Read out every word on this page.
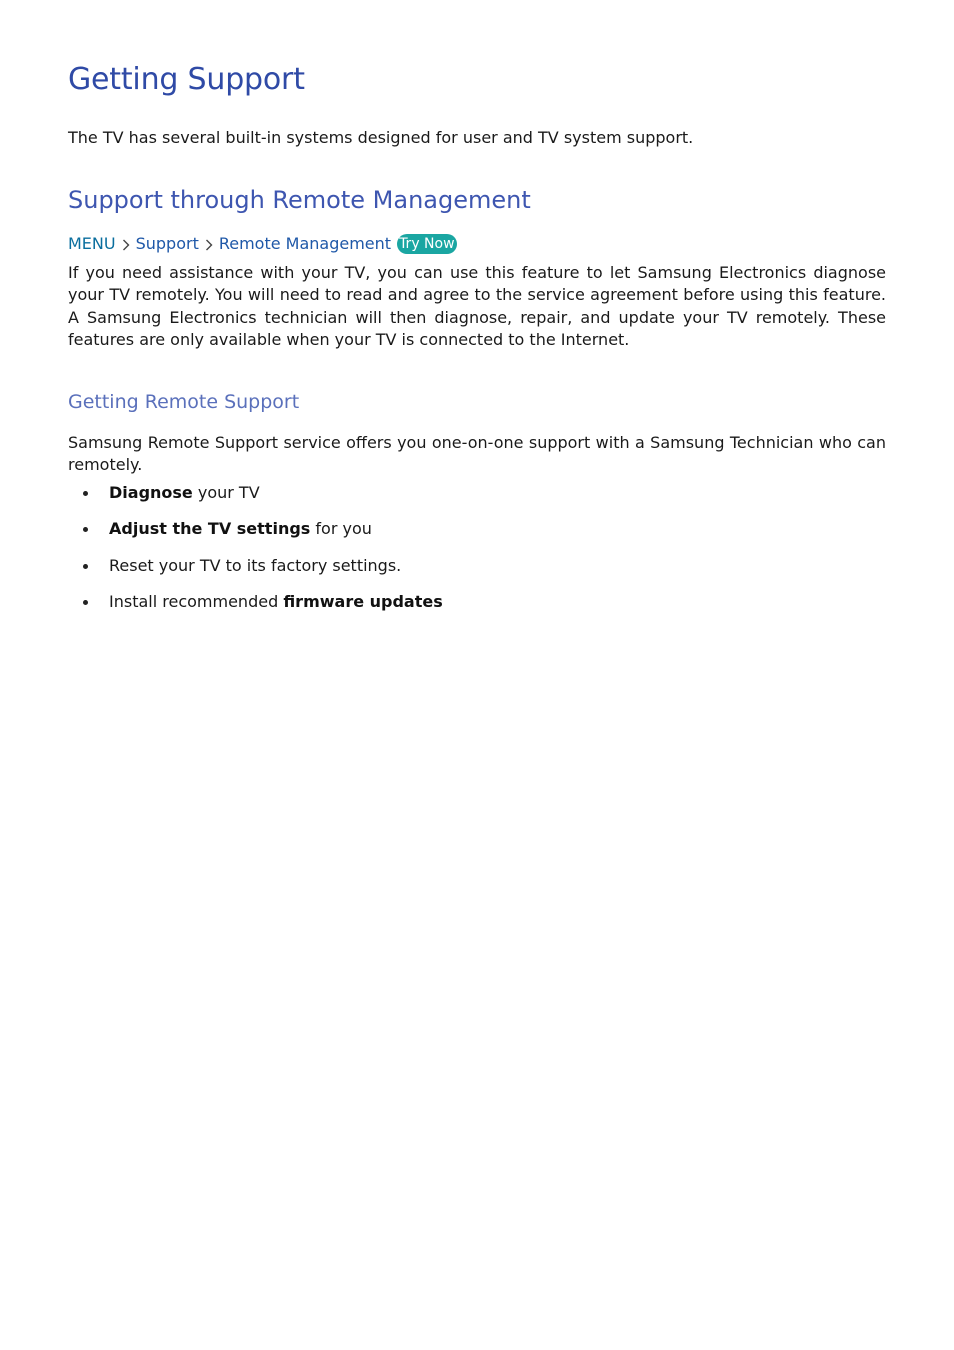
Getting Support

The TV has several built-in systems designed for user and TV system support.

Support through Remote Management
MENU Support Remote Management Try Now

If you need assistance with your TV, you can use this feature to let Samsung Electronics diagnose your TV remotely. You will need to read and agree to the service agreement before using this feature. A Samsung Electronics technician will then diagnose, repair, and update your TV remotely. These features are only available when your TV is connected to the Internet.

Getting Remote Support

Samsung Remote Support service offers you one-on-one support with a Samsung Technician who can remotely.

Diagnose your TV
Adjust the TV settings for you
Reset your TV to its factory settings.
Install recommended firmware updates
